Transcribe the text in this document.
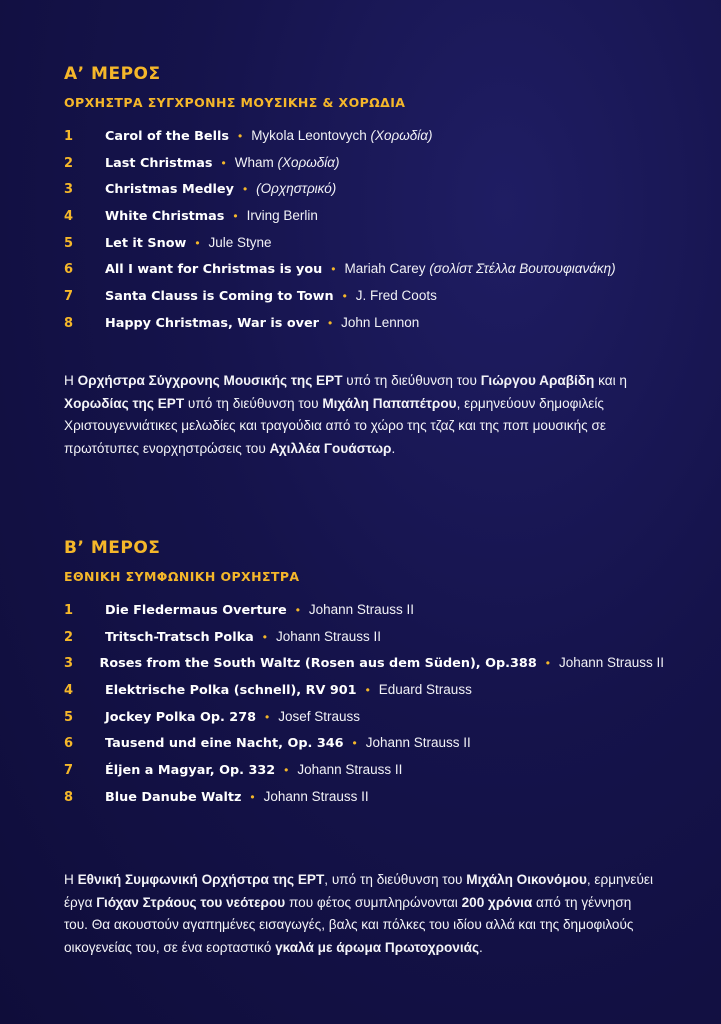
Α’ ΜΕΡΟΣ
ΟΡΧΗΣΤΡΑ ΣΥΓΧΡΟΝΗΣ ΜΟΥΣΙΚΗΣ & ΧΟΡΩΔΙΑ
1	Carol of the Bells • Mykola Leontovych
(Χορωδία)
2	Last Christmas • Wham
(Χορωδία)
3	Christmas Medley • (Ορχηστρικό)
4	White Christmas • Irving Berlin
5	Let it Snow • Jule Styne
6	All I want for Christmas is you • Mariah Carey
(σολίστ Στέλλα Βουτουφιανάκη)
7	Santa Clauss is Coming to Town • J. Fred Coots
8	Happy Christmas, War is over • John Lennon

Η Ορχήστρα Σύγχρονης Μουσικής της ΕΡΤ υπό τη διεύθυνση του Γιώργου Αραβίδη και η Χορωδίας της ΕΡΤ υπό τη διεύθυνση του Μιχάλη Παπαπέτρου, ερμηνεύουν δημοφιλείς Χριστουγεννιάτικες μελωδίες και τραγούδια από το χώρο της τζαζ και της ποπ μουσικής σε πρωτότυπες ενορχηστρώσεις του Αχιλλέα Γουάστωρ.

Β’ ΜΕΡΟΣ
ΕΘΝΙΚΗ ΣΥΜΦΩΝΙΚΗ ΟΡΧΗΣΤΡΑ
1	Die Fledermaus Overture • Johann Strauss II
2	Tritsch-Tratsch Polka • Johann Strauss II
3	Roses from the South Waltz (Rosen aus dem Süden), Op.388 • Johann Strauss II
4	Elektrische Polka (schnell), RV 901 • Eduard Strauss
5	Jockey Polka Op. 278 • Josef Strauss
6	Tausend und eine Nacht, Op. 346 • Johann Strauss II
7	Éljen a Magyar, Op. 332 • Johann Strauss II
8	Blue Danube Waltz • Johann Strauss II

Η Εθνική Συμφωνική Ορχήστρα της ΕΡΤ, υπό τη διεύθυνση του Μιχάλη Οικονόμου, ερμηνεύει έργα Γιόχαν Στράους του νεότερου που φέτος συμπληρώνονται 200 χρόνια από τη γέννηση του. Θα ακουστούν αγαπημένες εισαγωγές, βαλς και πόλκες του ιδίου αλλά και της δημοφιλούς οικογενείας του, σε ένα εορταστικό γκαλά με άρωμα Πρωτοχρονιάς.
